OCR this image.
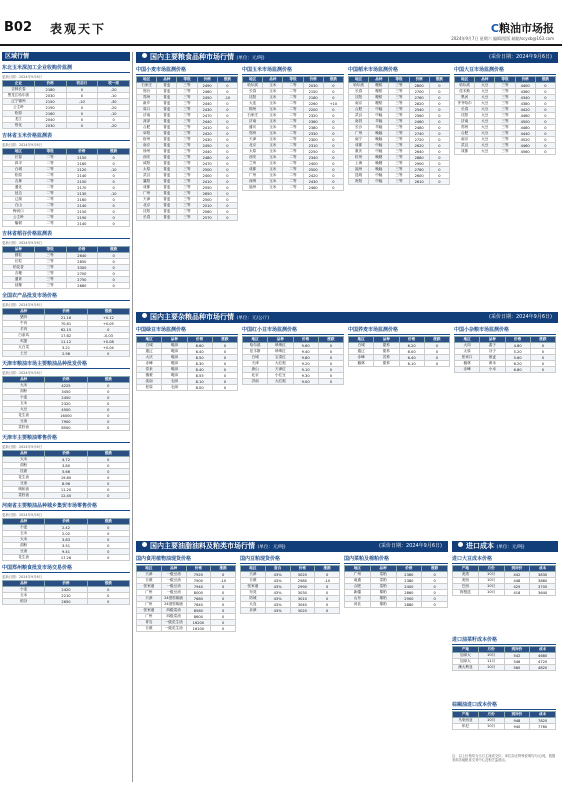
B02 表观天下	C粮油市场报
2024年9月7日 星期六 编辑/组版 邮箱/scyxb@163.com
区域行情
东北玉米深加工企业收购价监测
更新日期：2024年9月6日
企业	价格	较前日	较一周
吉林长春	2180	0	-20
黑龙江哈尔滨	2030	0	-10
辽宁锦州	2150	-10	-30
公主岭	2190	0	-20
松原	2160	0	-10
龙江	2040	0	0
绥化	2030	0	-20
吉林省玉米价格监测表
更新日期：2024年9月6日
地区	等级	价格	涨跌
长春	二等	2150	0
四平	二等	2160	0
白城	二等	2120	-10
松原	二等	2140	0
吉林	二等	2150	0
通化	二等	2170	0
延边	二等	2130	-10
辽源	二等	2160	0
白山	二等	2140	0
梅河口	二等	2150	0
公主岭	二等	2190	0
榆树	二等	2140	0
吉林省稻谷价格监测表
更新日期：2024年9月6日
品种	等级	价格	涨跌
圆粒	三等	2640	0
长粒	三等	2850	0
稻花香	三等	3300	0
吉粳	三等	2700	0
通育	三等	2750	0
延粳	三等	2680	0
全国农产品批发市场价格
更新日期：2024年9月6日
品种	价格	涨跌
猪肉	21.16	+0.12
牛肉	70.81	+0.05
羊肉	62.15	0
白条鸡	17.62	-0.03
鸡蛋	11.12	+0.08
大白菜	3.21	+0.04
土豆	2.98	0
天津市粮油市场主要粮油品种批发价格
更新日期：2024年9月6日
品种	价格	涨跌
大米	4225	0
面粉	3450	0
小麦	2450	0
玉米	2320	0
大豆	4500	0
花生油	16000	0
豆油	7900	0
菜籽油	8500	0
天津市主要粮油零售价格
更新日期：2024年9月6日
品种	价格	涨跌
大米	4.72	0
面粉	3.80	0
挂面	5.66	0
花生油	19.80	0
豆油	8.96	0
调和油	11.20	0
菜籽油	12.40	0
河南省主要粮油品种城乡集贸市场零售价格
更新日期：2024年9月6日
品种	价格	涨跌
小麦	2.42	0
玉米	2.02	0
大米	3.83	0
面粉	3.51	0
豆油	9.41	0
花生油	17.26	0
中国郑州粮食批发市场交易价格
更新日期：2024年9月6日
品种	价格	涨跌
小麦	2420	0
玉米	2210	0
稻谷	2650	0
国内主要粮食品种市场行情 (单位：元/吨)	(采价日期：2024年9月6日)
国内主要杂粮品种市场行情 (单位：元/公斤)	(采价日期：2024年9月6日)
国内主要油脂油料及粕类市场行情 (单位：元/吨)	(采价日期：2024年9月6日)	进口成本 (单位：元/吨)
中国小麦市场监测价格
地区	品种	等级	价格	涨跌
石家庄	普麦	三等	2490	0
邢台	普麦	三等	2460	0
郑州	普麦	三等	2450	-10
新乡	普麦	三等	2440	0
周口	普麦	三等	2430	0
济南	普麦	三等	2470	0
菏泽	普麦	三等	2440	0
合肥	普麦	三等	2410	0
阜阳	普麦	三等	2420	0
宿州	普麦	三等	2430	0
南京	普麦	三等	2450	0
徐州	普麦	三等	2440	0
西安	普麦	三等	2480	0
咸阳	普麦	三等	2470	0
太原	普麦	三等	2500	0
武汉	普麦	三等	2400	0
襄阳	普麦	三等	2410	0
成都	普麦	三等	2550	0
广州	普麦	三等	2650	0
天津	普麦	三等	2500	0
北京	普麦	三等	2510	0
沈阳	普麦	三等	2560	0
长春	普麦	三等	2570	0
中国玉米市场监测价格
地区	品种	等级	价格	涨跌
哈尔滨	玉米	二等	2030	0
长春	玉米	二等	2150	0
沈阳	玉米	二等	2180	0
大连	玉米	二等	2260	+10
锦州	玉米	二等	2200	0
石家庄	玉米	二等	2320	0
济南	玉米	二等	2360	0
潍坊	玉米	二等	2380	0
郑州	玉米	二等	2330	0
天津	玉米	二等	2300	0
北京	玉米	二等	2310	0
太原	玉米	二等	2250	0
西安	玉米	二等	2340	0
兰州	玉米	二等	2400	0
成都	玉米	二等	2500	0
广州	玉米	二等	2420	0
深圳	玉米	二等	2430	0
福州	玉米	二等	2460	0
中国稻米市场监测价格
地区	品种	等级	价格	涨跌
哈尔滨	粳稻	三等	2800	0
长春	粳稻	三等	2700	0
沈阳	粳稻	三等	2760	0
南京	粳稻	三等	2820	0
合肥	中籼	三等	2540	0
武汉	中籼	三等	2560	0
南昌	早籼	三等	2460	0
长沙	早籼	三等	2480	0
广州	晚籼	三等	2740	0
南宁	晚籼	三等	2720	0
成都	中籼	三等	2620	0
重庆	中籼	三等	2640	0
杭州	晚粳	三等	2880	0
上海	晚粳	三等	2900	0
福州	晚籼	三等	2760	0
昆明	中籼	三等	2600	0
贵阳	中籼	三等	2610	0
中国大豆市场监测价格
地区	品种	等级	价格	涨跌
哈尔滨	大豆	三等	4400	0
佳木斯	大豆	三等	4360	0
黑河	大豆	三等	4340	0
齐齐哈尔	大豆	三等	4380	0
长春	大豆	三等	4420	0
沈阳	大豆	三等	4460	0
济南	大豆	三等	4500	0
郑州	大豆	三等	4480	0
合肥	大豆	三等	4440	0
南京	大豆	三等	4520	0
武汉	大豆	三等	4460	0
成都	大豆	三等	4560	0
中国绿豆市场监测价格
地区	品种	价格	涨跌
白城	明绿	8.60	0
通辽	明绿	8.40	0
大庆	明绿	8.50	0
赤峰	明绿	8.30	0
泰来	明绿	8.40	0
镇赉	明绿	8.55	0
洮南	毛绿	8.10	0
松原	毛绿	8.00	0
中国红小豆市场监测价格
地区	品种	价格	涨跌
哈尔滨	珍珠红	9.60	0
佳木斯	珍珠红	9.40	0
白城	宝清红	9.80	0
天津	大红袍	9.20	0
唐山	天津红	9.10	0
北京	小红豆	9.30	0
济南	大红袍	9.00	0
中国荞麦市场监测价格
地区	品种	价格	涨跌
白城	甜荞	6.20	0
通辽	甜荞	6.00	0
赤峰	苦荞	6.40	0
榆林	甜荞	6.10	0
中国小杂粮市场监测价格
地区	品种	价格	涨跌
大同	黍子	4.80	0
太原	谷子	5.20	0
张家口	莜麦	5.60	0
榆林	黄米	6.20	0
赤峰	小米	6.80	0
国内食用植物油现货价格
地区	品种	价格	涨跌
天津	一级豆油	7920	0
日照	一级豆油	7900	-10
张家港	一级豆油	7940	0
广州	一级豆油	8000	0
天津	24度棕榈油	7680	0
广州	24度棕榈油	7640	0
张家港	四级菜油	8560	0
广州	四级菜油	8600	0
青岛	一级花生油	16200	0
日照	一级花生油	16100	0
国内豆粕现货价格
地区	蛋白	价格	涨跌
天津	43%	3020	0
日照	43%	2980	-10
张家港	43%	2990	0
东莞	43%	3030	0
防城	43%	3010	0
大连	43%	3040	0
京津	43%	3020	0
国内菜粕及棉粕价格
地区	品种	价格	涨跌
广州	菜粕	2360	0
南通	菜粕	2380	0
合肥	菜粕	2400	0
新疆	棉粕	2860	0
山东	棉粕	2900	0
河北	棉粕	2880	0
进口大豆成本价格
产地	月份	到岸价	成本
美湾	10月	442	3830
美西	10月	448	3880
巴西	10月	425	3700
阿根廷	10月	418	3640
进口油菜籽成本价格
产地	月份	到岸价	成本
加拿大	10月	542	4680
加拿大	11月	546	4720
澳大利亚	10月	560	4820
棕榈油进口成本价格
产地	月份	到岸价	成本
马来西亚	10月	948	7820
印尼	10月	940	7760
注：以上价格均为当日主流成交价，单位如无特殊说明均为元/吨，数据来源各地粮食交易中心及相关监测点。
